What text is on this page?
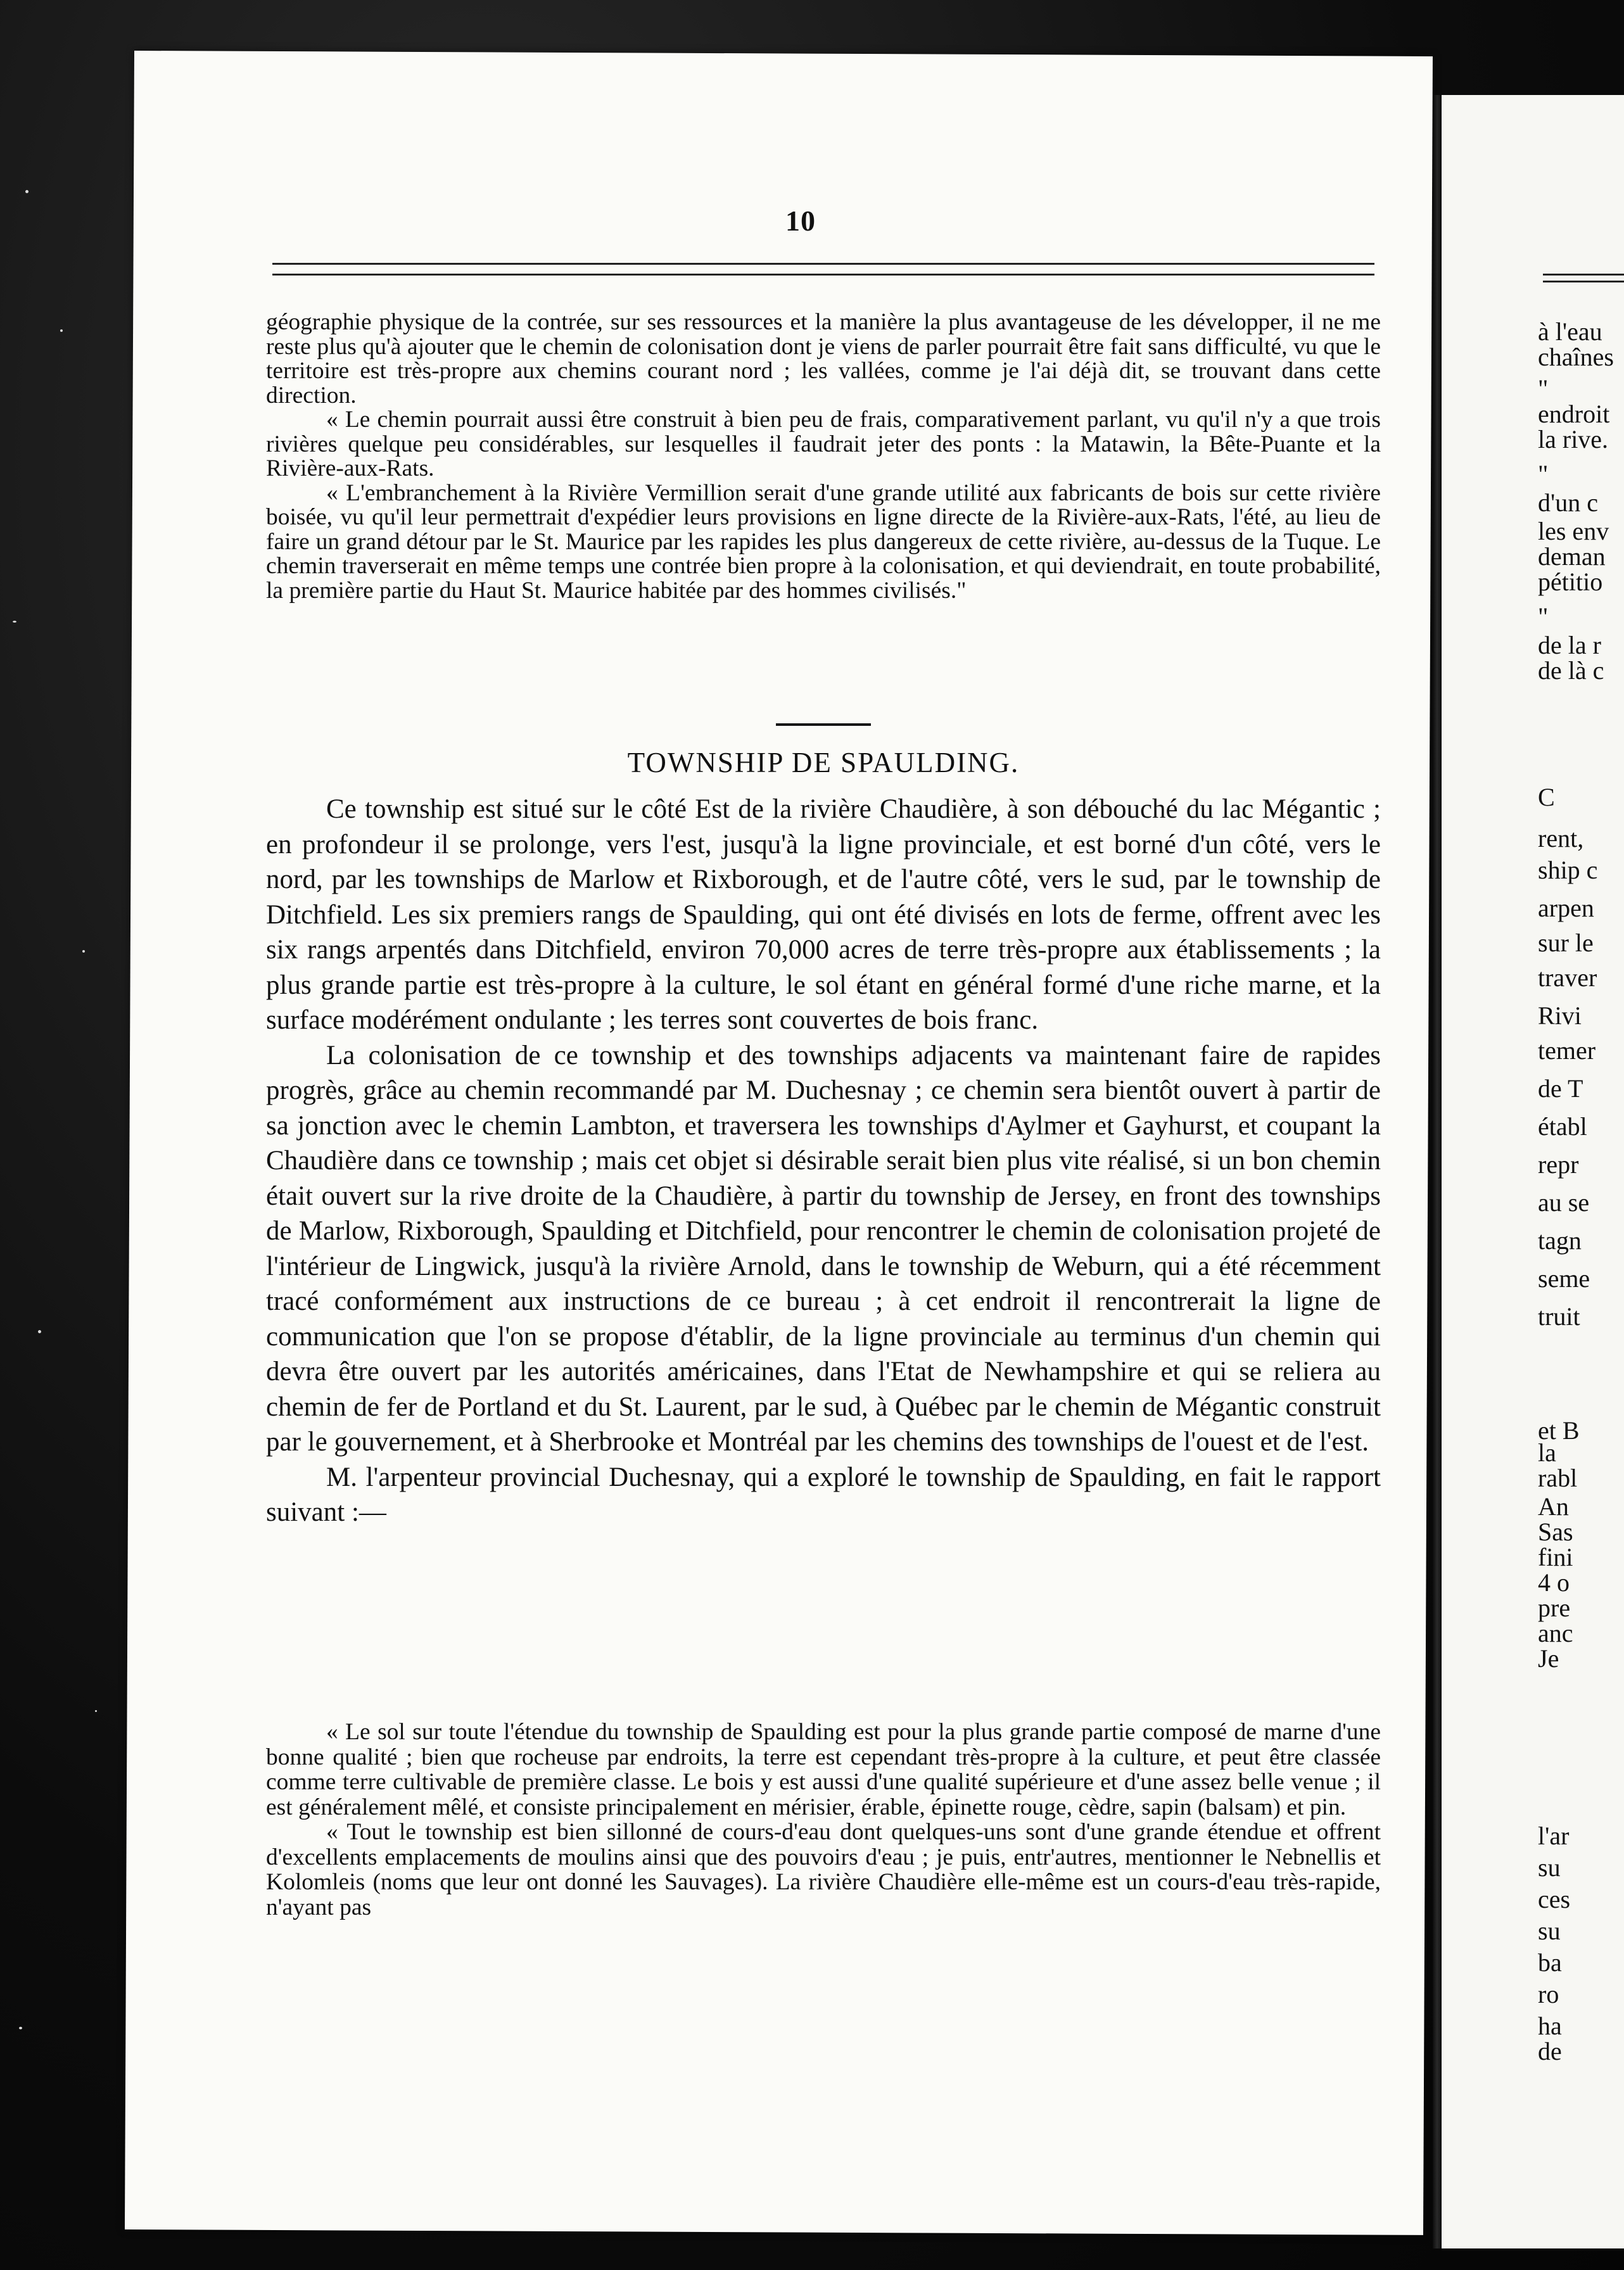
10

géographie physique de la contrée, sur ses ressources et la manière la plus avantageuse de les développer, il ne me reste plus qu'à ajouter que le chemin de colonisation dont je viens de parler pourrait être fait sans difficulté, vu que le territoire est très-propre aux chemins courant nord ; les vallées, comme je l'ai déjà dit, se trouvant dans cette direction.

« Le chemin pourrait aussi être construit à bien peu de frais, comparativement parlant, vu qu'il n'y a que trois rivières quelque peu considérables, sur lesquelles il faudrait jeter des ponts : la Matawin, la Bête-Puante et la Rivière-aux-Rats.

« L'embranchement à la Rivière Vermillion serait d'une grande utilité aux fabricants de bois sur cette rivière boisée, vu qu'il leur permettrait d'expédier leurs provisions en ligne directe de la Rivière-aux-Rats, l'été, au lieu de faire un grand détour par le St. Maurice par les rapides les plus dangereux de cette rivière, au-dessus de la Tuque. Le chemin traverserait en même temps une contrée bien propre à la colonisation, et qui deviendrait, en toute probabilité, la première partie du Haut St. Maurice habitée par des hommes civilisés."

TOWNSHIP DE SPAULDING.

Ce township est situé sur le côté Est de la rivière Chaudière, à son débouché du lac Mégantic ; en profondeur il se prolonge, vers l'est, jusqu'à la ligne provinciale, et est borné d'un côté, vers le nord, par les townships de Marlow et Rixborough, et de l'autre côté, vers le sud, par le township de Ditchfield. Les six premiers rangs de Spaulding, qui ont été divisés en lots de ferme, offrent avec les six rangs arpentés dans Ditchfield, environ 70,000 acres de terre très-propre aux établissements ; la plus grande partie est très-propre à la culture, le sol étant en général formé d'une riche marne, et la surface modérément ondulante ; les terres sont couvertes de bois franc.

La colonisation de ce township et des townships adjacents va maintenant faire de rapides progrès, grâce au chemin recommandé par M. Duchesnay ; ce chemin sera bientôt ouvert à partir de sa jonction avec le chemin Lambton, et traversera les townships d'Aylmer et Gayhurst, et coupant la Chaudière dans ce township ; mais cet objet si désirable serait bien plus vite réalisé, si un bon chemin était ouvert sur la rive droite de la Chaudière, à partir du township de Jersey, en front des townships de Marlow, Rixborough, Spaulding et Ditchfield, pour rencontrer le chemin de colonisation projeté de l'intérieur de Lingwick, jusqu'à la rivière Arnold, dans le township de Weburn, qui a été récemment tracé conformément aux instructions de ce bureau ; à cet endroit il rencontrerait la ligne de communication que l'on se propose d'établir, de la ligne provinciale au terminus d'un chemin qui devra être ouvert par les autorités américaines, dans l'Etat de Newhampshire et qui se reliera au chemin de fer de Portland et du St. Laurent, par le sud, à Québec par le chemin de Mégantic construit par le gouvernement, et à Sherbrooke et Montréal par les chemins des townships de l'ouest et de l'est.

M. l'arpenteur provincial Duchesnay, qui a exploré le township de Spaulding, en fait le rapport suivant :—

« Le sol sur toute l'étendue du township de Spaulding est pour la plus grande partie composé de marne d'une bonne qualité ; bien que rocheuse par endroits, la terre est cependant très-propre à la culture, et peut être classée comme terre cultivable de première classe. Le bois y est aussi d'une qualité supérieure et d'une assez belle venue ; il est généralement mêlé, et consiste principalement en mérisier, érable, épinette rouge, cèdre, sapin (balsam) et pin.

« Tout le township est bien sillonné de cours-d'eau dont quelques-uns sont d'une grande étendue et offrent d'excellents emplacements de moulins ainsi que des pouvoirs d'eau ; je puis, entr'autres, mentionner le Nebnellis et Kolomleis (noms que leur ont donné les Sauvages). La rivière Chaudière elle-même est un cours-d'eau très-rapide, n'ayant pas

à l'eau
chaînes
"
endroit
la rive.
"
d'un c
les env
deman
pétitio
"
de la r
de là c
C
rent,
ship c
arpen
sur le
traver
Rivi
temer
de T
établ
repr
au se
tagn
seme
truit
et B
la
rabl
An
Sas
fini
4 o
pre
anc
Je
l'ar
su
ces
su
ba
ro
ha
de
